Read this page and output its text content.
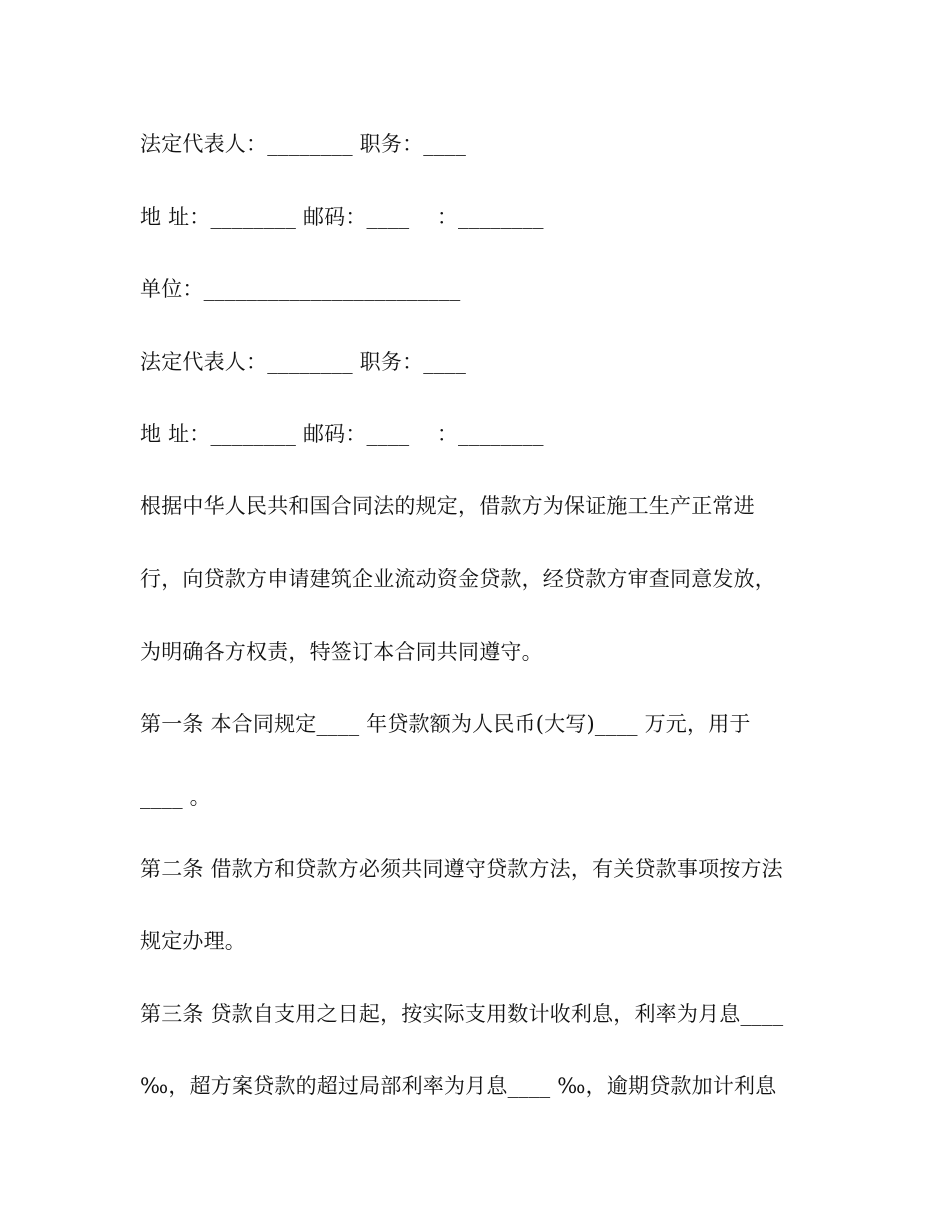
法定代表人：________ 职务：____
地 址：________ 邮码：____    ：________
单位：________________________
法定代表人：________ 职务：____
地 址：________ 邮码：____    ：________
根据中华人民共和国合同法的规定，借款方为保证施工生产正常进
行，向贷款方申请建筑企业流动资金贷款，经贷款方审查同意发放，
为明确各方权责，特签订本合同共同遵守。
第一条 本合同规定____ 年贷款额为人民币(大写)____ 万元，用于
____ 。
第二条 借款方和贷款方必须共同遵守贷款方法，有关贷款事项按方法
规定办理。
第三条 贷款自支用之日起，按实际支用数计收利息，利率为月息____
‰，超方案贷款的超过局部利率为月息____ ‰，逾期贷款加计利息
